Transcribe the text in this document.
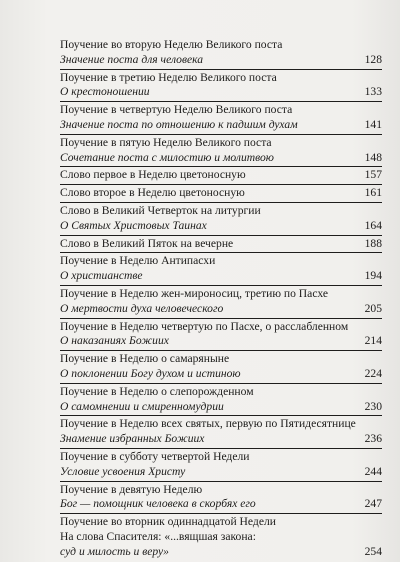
Поучение во вторую Неделю Великого поста
Значение поста для человека	128
Поучение в третию Неделю Великого поста
О крестоношении	133
Поучение в четвертую Неделю Великого поста
Значение поста по отношению к падшим духам	141
Поучение в пятую Неделю Великого поста
Сочетание поста с милостию и молитвою	148
Слово первое в Неделю цветоносную	157
Слово второе в Неделю цветоносную	161
Слово в Великий Четверток на литургии
О Святых Христовых Таинах	164
Слово в Великий Пяток на вечерне	188
Поучение в Неделю Антипасхи
О христианстве	194
Поучение в Неделю жен-мироносиц, третию по Пасхе
О мертвости духа человеческого	205
Поучение в Неделю четвертую по Пасхе, о расслабленном
О наказаниях Божиих	214
Поучение в Неделю о самаряныне
О поклонении Богу духом и истиною	224
Поучение в Неделю о слепорожденном
О самомнении и смиренномудрии	230
Поучение в Неделю всех святых, первую по Пятидесятнице
Знамение избранных Божиих	236
Поучение в субботу четвертой Недели
Условие усвоения Христу	244
Поучение в девятую Неделю
Бог — помощник человека в скорбях его	247
Поучение во вторник одиннадцатой Недели
На слова Спасителя: «...вящшая закона:
суд и милость и веру»	254
